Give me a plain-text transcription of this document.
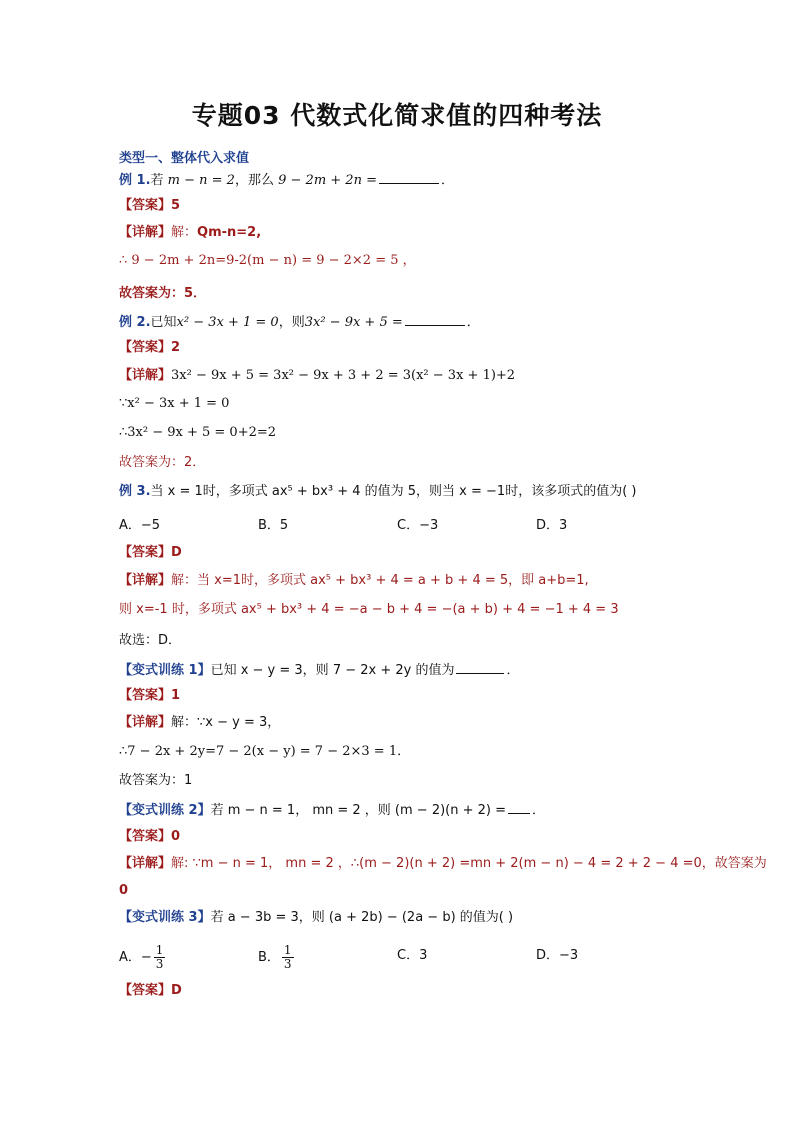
专题03 代数式化简求值的四种考法
类型一、整体代入求值
例 1.若 m − n = 2，那么 9 − 2m + 2n =	．
【答案】5
【详解】解：Qm-n=2,
∴ 9 − 2m + 2n=9-2(m − n) = 9 − 2×2 = 5 ，
故答案为：5．
例 2.已知x² − 3x + 1 = 0，则3x² − 9x + 5 =	．
【答案】2
【详解】3x² − 9x + 5 = 3x² − 9x + 3 + 2 = 3(x² − 3x + 1)+2
∵x² − 3x + 1 = 0
∴3x² − 9x + 5 = 0+2=2
故答案为：2．
例 3.当 x = 1时，多项式 ax⁵ + bx³ + 4 的值为 5，则当 x = −1时，该多项式的值为( )
A．−5	B．5	C．−3	D．3
【答案】D
【详解】解：当 x=1时，多项式 ax⁵ + bx³ + 4 = a + b + 4 = 5，即 a+b=1,
则 x=-1 时，多项式 ax⁵ + bx³ + 4 = −a − b + 4 = −(a + b) + 4 = −1 + 4 = 3
故选：D．
【变式训练 1】已知 x − y = 3，则 7 − 2x + 2y 的值为	．
【答案】1
【详解】解：∵x − y = 3，
∴7 − 2x + 2y=7 − 2(x − y) = 7 − 2×3 = 1．
故答案为：1
【变式训练 2】若 m − n = 1， mn = 2 ，则 (m − 2)(n + 2) = ．
【答案】0
【详解】解: ∵m − n = 1， mn = 2 ，∴(m − 2)(n + 2) =mn + 2(m − n) − 4 = 2 + 2 − 4 =0，故答案为
0
【变式训练 3】若 a − 3b = 3，则 (a + 2b) − (2a − b) 的值为( )
A．− $\frac{1}{3}$	B． $\frac{1}{3}$	C．3	D．−3
【答案】D
